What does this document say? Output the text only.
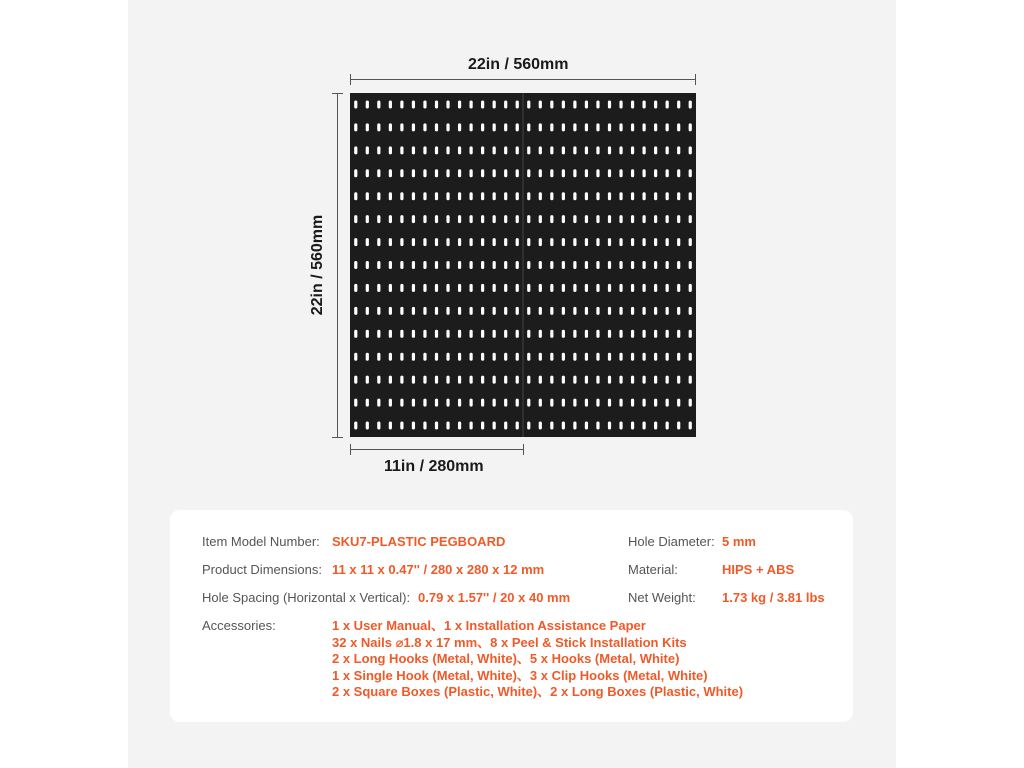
22in / 560mm
22in / 560mm
11in / 280mm
Item Model Number: SKU7-PLASTIC PEGBOARD
Product Dimensions: 11 x 11 x 0.47'' / 280 x 280 x 12 mm
Hole Spacing (Horizontal x Vertical): 0.79 x 1.57'' / 20 x 40 mm
Hole Diameter: 5 mm
Material:	HIPS + ABS
Net Weight: 1.73 kg / 3.81 lbs
Accessories:	1 x User Manual、1 x Installation Assistance Paper
32 x Nails ⌀1.8 x 17 mm、8 x Peel & Stick Installation Kits
2 x Long Hooks (Metal, White)、5 x Hooks (Metal, White)
1 x Single Hook (Metal, White)、3 x Clip Hooks (Metal, White)
2 x Square Boxes (Plastic, White)、2 x Long Boxes (Plastic, White)
